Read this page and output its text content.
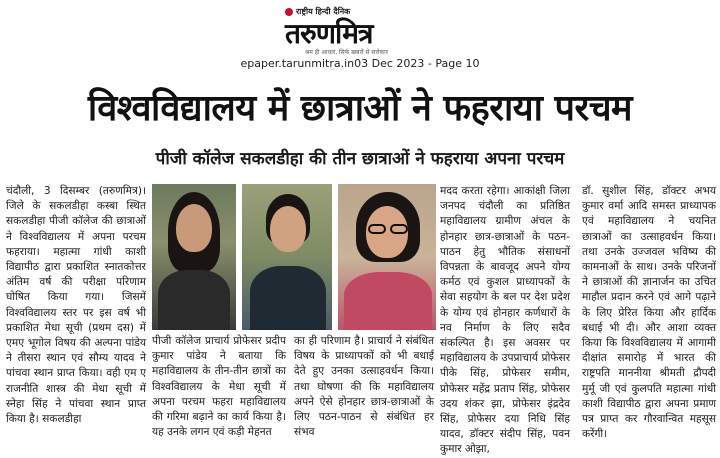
राष्ट्रीय हिन्दी दैनिक
तरुणमित्र
श्रम ही आधार, सिर्फ खबरों से सरोकार
epaper.tarunmitra.in03 Dec 2023 - Page 10
विश्वविद्यालय में छात्राओं ने फहराया परचम
पीजी कॉलेज सकलडीहा की तीन छात्राओं ने फहराया अपना परचम

चंदौली, 3 दिसम्बर (तरुणमित्र)। जिले के सकलडीहा कस्बा स्थित सकलडीहा पीजी कॉलेज की छात्राओं ने विश्वविद्यालय में अपना परचम फहराया। महात्मा गांधी काशी विद्यापीठ द्वारा प्रकाशित स्नातकोत्तर अंतिम वर्ष की परीक्षा परिणाम घोषित किया गया। जिसमें विश्वविद्यालय स्तर पर इस वर्ष भी प्रकाशित मेधा सूची (प्रथम दस) में एमए भूगोल विषय की अल्पना पांडेय ने तीसरा स्थान एवं सौम्य यादव ने पांचवा स्थान प्राप्त किया। वही एम ए राजनीति शास्त्र की मेधा सूची में स्नेहा सिंह ने पांचवा स्थान प्राप्त किया है। सकलडीहा

पीजी कॉलेज प्राचार्य प्रोफेसर प्रदीप कुमार पांडेय ने बताया कि महाविद्यालय के तीन-तीन छात्रों का विश्वविद्यालय के मेधा सूची में अपना परचम फहरा महाविद्यालय की गरिमा बढ़ाने का कार्य किया है। यह उनके लगन एवं कड़ी मेहनत

का ही परिणाम है। प्राचार्य ने संबंधित विषय के प्राध्यापकों को भी बधाई देते हुए उनका उत्साहवर्धन किया। तथा घोषणा की कि महाविद्यालय अपने ऐसे होनहार छात्र-छात्राओं के लिए पठन-पाठन से संबंधित हर संभव

मदद करता रहेगा। आकांक्षी जिला जनपद चंदौली का प्रतिष्ठित महाविद्यालय ग्रामीण अंचल के होनहार छात्र-छात्राओं के पठन-पाठन हेतु भौतिक संसाधनों विपन्नता के बावजूद अपने योग्य कर्मठ एवं कुशल प्राध्यापकों के सेवा सहयोग के बल पर देश प्रदेश के योग्य एवं होनहार कर्णधारों के नव निर्माण के लिए सदैव संकल्पित है। इस अवसर पर महाविद्यालय के उपप्राचार्य प्रोफेसर पीके सिंह, प्रोफेसर समीम, प्रोफेसर महेंद्र प्रताप सिंह, प्रोफेसर उदय शंकर झा, प्रोफेसर इंद्रदेव सिंह, प्रोफेसर दया निधि सिंह यादव, डॉक्टर संदीप सिंह, पवन कुमार ओझा,

डॉ. सुशील सिंह, डॉक्टर अभय कुमार वर्मा आदि समस्त प्राध्यापक एवं महाविद्यालय ने चयनित छात्राओं का उत्साहवर्धन किया। तथा उनके उज्जवल भविष्य की कामनाओं के साथ। उनके परिजनों ने छात्राओं की ज्ञानार्जन का उचित माहौल प्रदान करने एवं आगे पढ़ाने के लिए प्रेरित किया और हार्दिक बधाई भी दी। और आशा व्यक्त किया कि विश्वविद्यालय में आगामी दीक्षांत समारोह में भारत की राष्ट्रपति माननीया श्रीमती द्रौपदी मुर्मू जी एवं कुलपति महात्मा गांधी काशी विद्यापीठ द्वारा अपना प्रमाण पत्र प्राप्त कर गौरवान्वित महसूस करेंगी।
